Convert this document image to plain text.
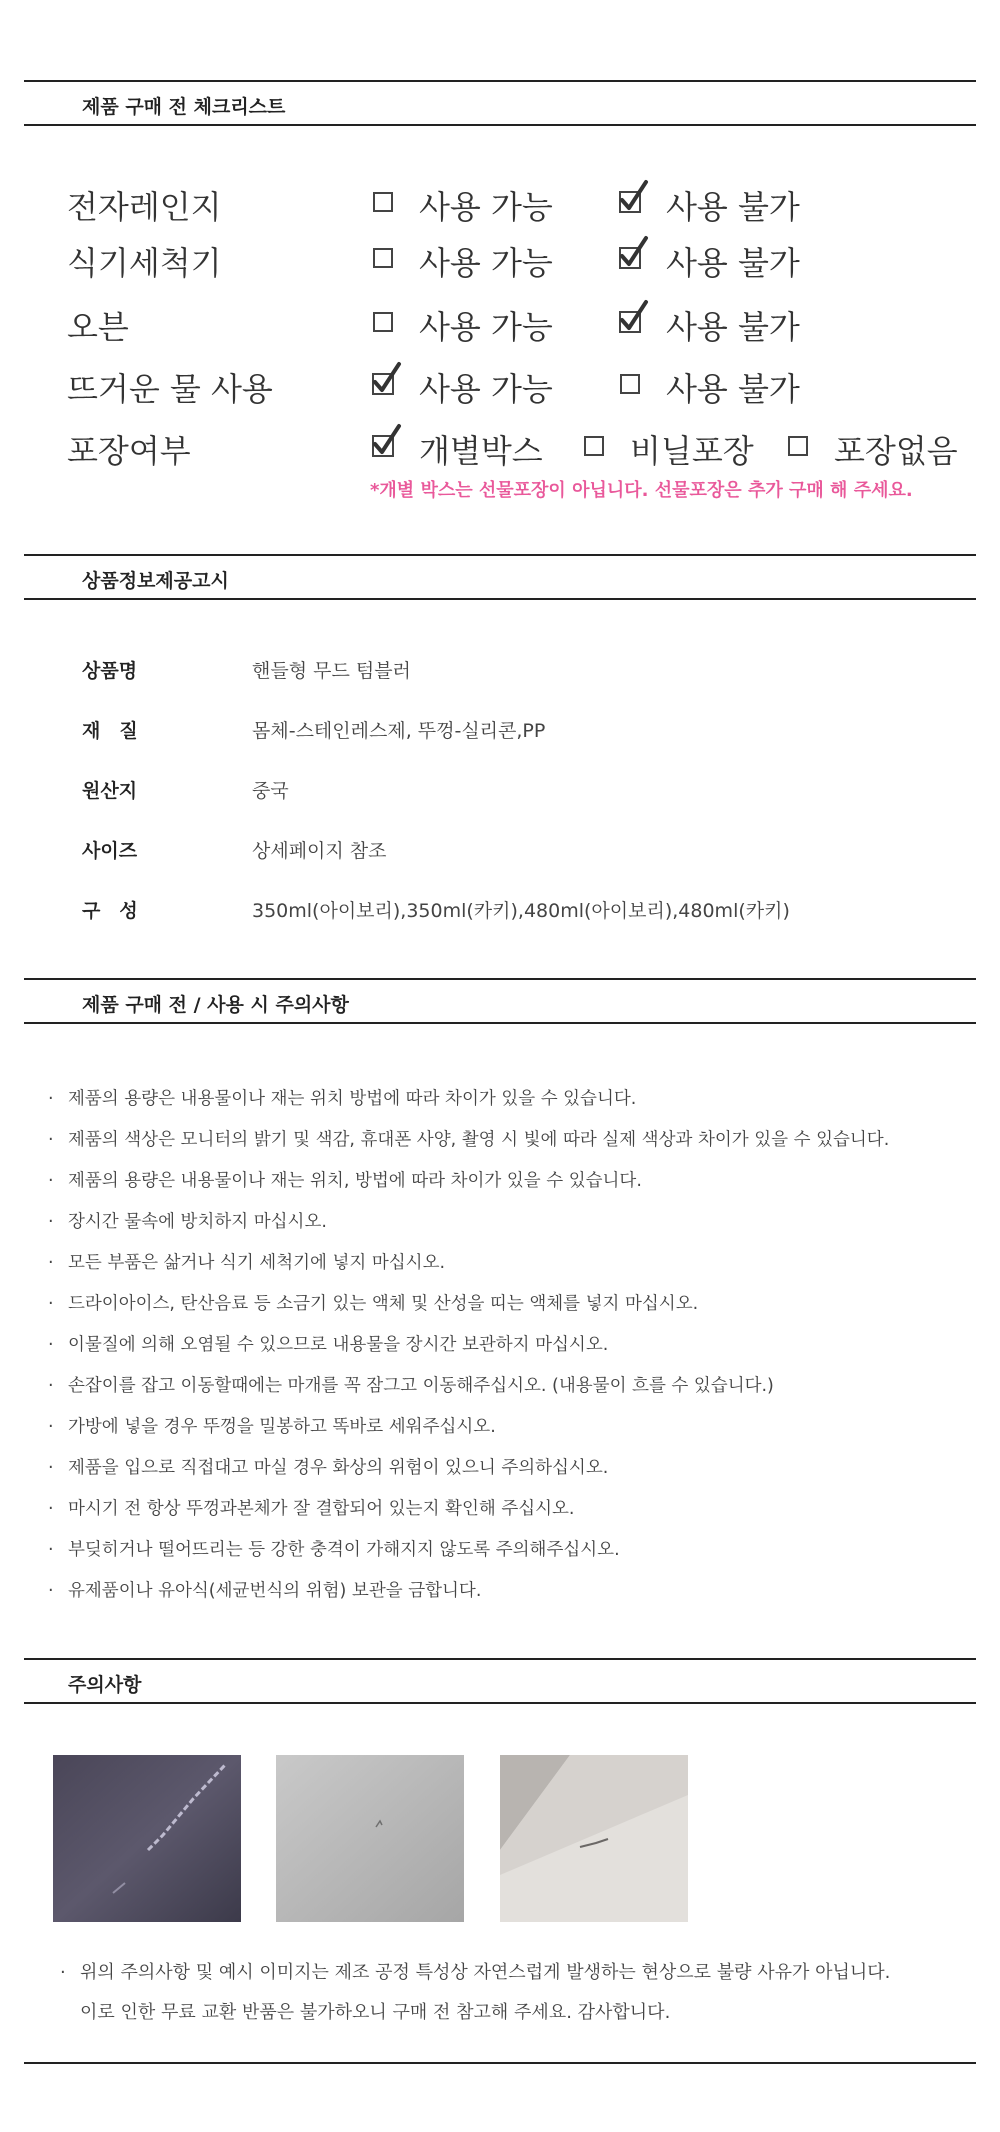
제품 구매 전 체크리스트
전자레인지	사용 가능	사용 불가
식기세척기	사용 가능	사용 불가
오븐	사용 가능	사용 불가
뜨거운 물 사용	사용 가능	사용 불가
포장여부	개별박스	비닐포장	포장없음
*개별 박스는 선물포장이 아닙니다. 선물포장은 추가 구매 해 주세요.
상품정보제공고시
상품명	핸들형 무드 텀블러
재　질	몸체-스테인레스제, 뚜껑-실리콘,PP
원산지	중국
사이즈	상세페이지 참조
구　성	350ml(아이보리),350ml(카키),480ml(아이보리),480ml(카키)
제품 구매 전 / 사용 시 주의사항
· 제품의 용량은 내용물이나 재는 위치 방법에 따라 차이가 있을 수 있습니다.
· 제품의 색상은 모니터의 밝기 및 색감, 휴대폰 사양, 촬영 시 빛에 따라 실제 색상과 차이가 있을 수 있습니다.
· 제품의 용량은 내용물이나 재는 위치, 방법에 따라 차이가 있을 수 있습니다.
· 장시간 물속에 방치하지 마십시오.
· 모든 부품은 삶거나 식기 세척기에 넣지 마십시오.
· 드라이아이스, 탄산음료 등 소금기 있는 액체 및 산성을 띠는 액체를 넣지 마십시오.
· 이물질에 의해 오염될 수 있으므로 내용물을 장시간 보관하지 마십시오.
· 손잡이를 잡고 이동할때에는 마개를 꼭 잠그고 이동해주십시오. (내용물이 흐를 수 있습니다.)
· 가방에 넣을 경우 뚜껑을 밀봉하고 똑바로 세워주십시오.
· 제품을 입으로 직접대고 마실 경우 화상의 위험이 있으니 주의하십시오.
· 마시기 전 항상 뚜껑과본체가 잘 결합되어 있는지 확인해 주십시오.
· 부딪히거나 떨어뜨리는 등 강한 충격이 가해지지 않도록 주의해주십시오.
· 유제품이나 유아식(세균번식의 위험) 보관을 금합니다.
주의사항
· 위의 주의사항 및 예시 이미지는 제조 공정 특성상 자연스럽게 발생하는 현상으로 불량 사유가 아닙니다.
이로 인한 무료 교환 반품은 불가하오니 구매 전 참고해 주세요. 감사합니다.
